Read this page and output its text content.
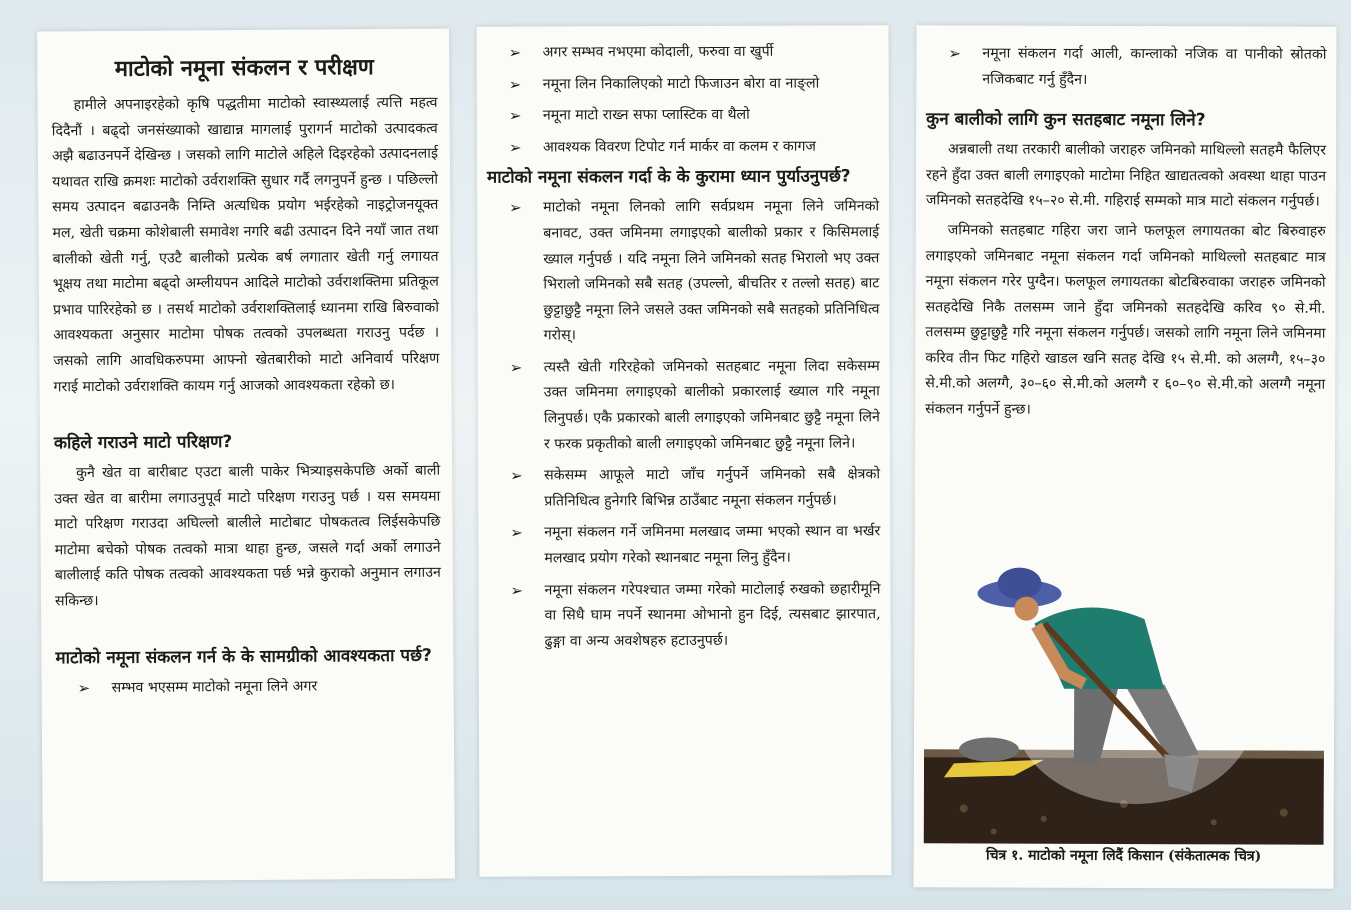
माटोको नमूना संकलन र परीक्षण

हामीले अपनाइरहेको कृषि पद्धतीमा माटोको स्वास्थ्यलाई त्यत्ति महत्व दिदैनौं । बढ्दो जनसंख्याको खाद्यान्न मागलाई पुरागर्न माटोको उत्पादकत्व अझै बढाउनपर्ने देखिन्छ । जसको लागि माटोले अहिले दिइरहेको उत्पादनलाई यथावत राखि क्रमशः माटोको उर्वराशक्ति सुधार गर्दै लगनुपर्ने हुन्छ । पछिल्लो समय उत्पादन बढाउनकै निम्ति अत्यधिक प्रयोग भईरहेको नाइट्रोजनयूक्त मल, खेती चक्रमा कोशेबाली समावेश नगरि बढी उत्पादन दिने नयाँ जात तथा बालीको खेती गर्नु, एउटै बालीको प्रत्येक बर्ष लगातार खेती गर्नु लगायत भूक्षय तथा माटोमा बढ्दो अम्लीयपन आदिले माटोको उर्वराशक्तिमा प्रतिकूल प्रभाव पारिरहेको छ । तसर्थ माटोको उर्वराशक्तिलाई ध्यानमा राखि बिरुवाको आवश्यकता अनुसार माटोमा पोषक तत्वको उपलब्धता गराउनु पर्दछ । जसको लागि आवधिकरुपमा आफ्नो खेतबारीको माटो अनिवार्य परिक्षण गराई माटोको उर्वराशक्ति कायम गर्नु आजको आवश्यकता रहेको छ।

कहिले गराउने माटो परिक्षण?

कुनै खेत वा बारीबाट एउटा बाली पाकेर भित्र्याइसकेपछि अर्को बाली उक्त खेत वा बारीमा लगाउनुपूर्व माटो परिक्षण गराउनु पर्छ । यस समयमा माटो परिक्षण गराउदा अघिल्लो बालीले माटोबाट पोषकतत्व लिईसकेपछि माटोमा बचेको पोषक तत्वको मात्रा थाहा हुन्छ, जसले गर्दा अर्को लगाउने बालीलाई कति पोषक तत्वको आवश्यकता पर्छ भन्ने कुराको अनुमान लगाउन सकिन्छ।

माटोको नमूना संकलन गर्न के के सामग्रीको आवश्यकता पर्छ?
➢ सम्भव भएसम्म माटोको नमूना लिने अगर
➢ अगर सम्भव नभएमा कोदाली, फरुवा वा खुर्पी
➢ नमूना लिन निकालिएको माटो फिजाउन बोरा वा नाङ्लो
➢ नमूना माटो राख्न सफा प्लास्टिक वा थैलो
➢ आवश्यक विवरण टिपोट गर्न मार्कर वा कलम र कागज
माटोको नमूना संकलन गर्दा के के कुरामा ध्यान पुर्याउनुपर्छ?
➢ माटोको नमूना लिनको लागि सर्वप्रथम नमूना लिने जमिनको बनावट, उक्त जमिनमा लगाइएको बालीको प्रकार र किसिमलाई ख्याल गर्नुपर्छ । यदि नमूना लिने जमिनको सतह भिरालो भए उक्त भिरालो जमिनको सबै सतह (उपल्लो, बीचतिर र तल्लो सतह) बाट छुट्टाछुट्टै नमूना लिने जसले उक्त जमिनको सबै सतहको प्रतिनिधित्व गरोस्।
➢ त्यस्तै खेती गरिरहेको जमिनको सतहबाट नमूना लिदा सकेसम्म उक्त जमिनमा लगाइएको बालीको प्रकारलाई ख्याल गरि नमूना लिनुपर्छ। एकै प्रकारको बाली लगाइएको जमिनबाट छुट्टै नमूना लिने र फरक प्रकृतीको बाली लगाइएको जमिनबाट छुट्टै नमूना लिने।
➢ सकेसम्म आफूले माटो जाँच गर्नुपर्ने जमिनको सबै क्षेत्रको प्रतिनिधित्व हुनेगरि बिभिन्न ठाउँबाट नमूना संकलन गर्नुपर्छ।
➢ नमूना संकलन गर्ने जमिनमा मलखाद जम्मा भएको स्थान वा भर्खर मलखाद प्रयोग गरेको स्थानबाट नमूना लिनु हुँदैन।
➢ नमूना संकलन गरेपश्चात जम्मा गरेको माटोलाई रुखको छहारीमूनि वा सिधै घाम नपर्ने स्थानमा ओभानो हुन दिई, त्यसबाट झारपात, ढुङ्गा वा अन्य अवशेषहरु हटाउनुपर्छ।
➢ नमूना संकलन गर्दा आली, कान्लाको नजिक वा पानीको स्रोतको नजिकबाट गर्नु हुँदैन।
कुन बालीको लागि कुन सतहबाट नमूना लिने?

अन्नबाली तथा तरकारी बालीको जराहरु जमिनको माथिल्लो सतहमै फैलिएर रहने हुँदा उक्त बाली लगाइएको माटोमा निहित खाद्यतत्वको अवस्था थाहा पाउन जमिनको सतहदेखि १५–२० से.मी. गहिराई सम्मको मात्र माटो संकलन गर्नुपर्छ।

जमिनको सतहबाट गहिरा जरा जाने फलफूल लगायतका बोट बिरुवाहरु लगाइएको जमिनबाट नमूना संकलन गर्दा जमिनको माथिल्लो सतहबाट मात्र नमूना संकलन गरेर पुग्दैन। फलफूल लगायतका बोटबिरुवाका जराहरु जमिनको सतहदेखि निकै तलसम्म जाने हुँदा जमिनको सतहदेखि करिव ९० से.मी. तलसम्म छुट्टाछुट्टै गरि नमूना संकलन गर्नुपर्छ। जसको लागि नमूना लिने जमिनमा करिव तीन फिट गहिरो खाडल खनि सतह देखि १५ से.मी. को अलग्गै, १५–३० से.मी.को अलग्गै, ३०–६० से.मी.को अलग्गै र ६०–९० से.मी.को अलग्गै नमूना संकलन गर्नुपर्ने हुन्छ।

चित्र १. माटोको नमूना लिदैं किसान (संकेतात्मक चित्र)
